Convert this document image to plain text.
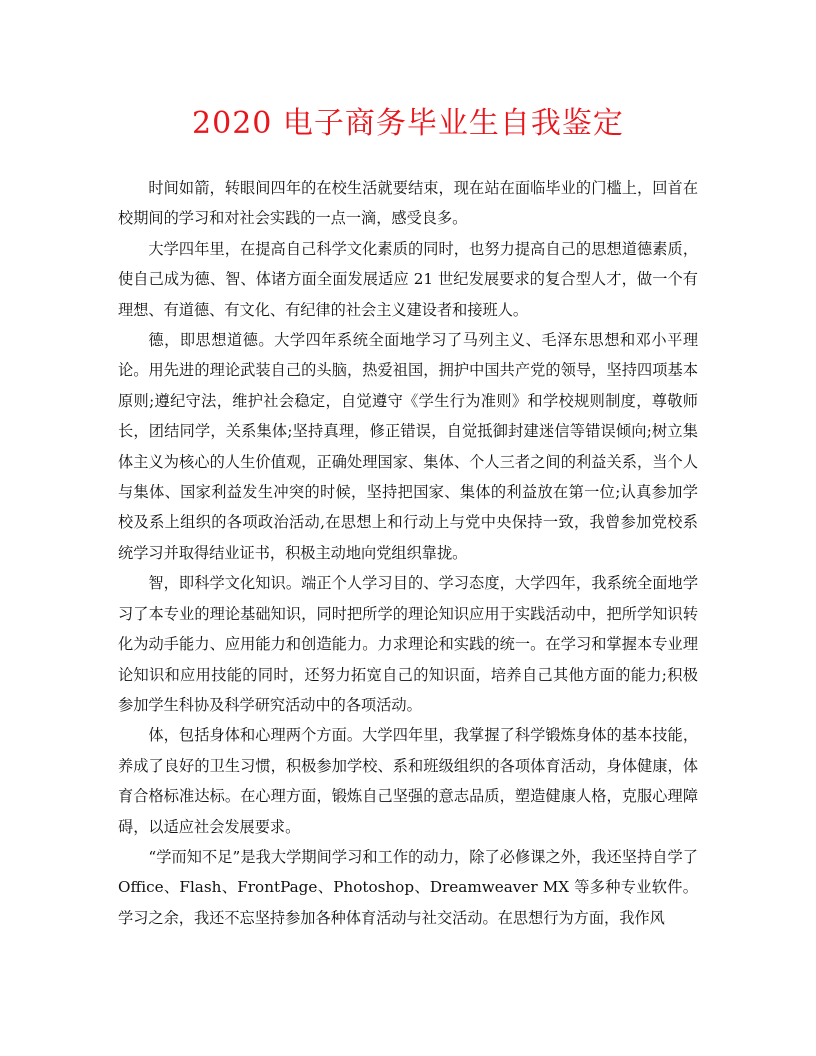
2020 电子商务毕业生自我鉴定

时间如箭，转眼间四年的在校生活就要结束，现在站在面临毕业的门槛上，回首在校期间的学习和对社会实践的一点一滴，感受良多。

大学四年里，在提高自己科学文化素质的同时，也努力提高自己的思想道德素质，使自己成为德、智、体诸方面全面发展适应 21 世纪发展要求的复合型人才，做一个有理想、有道德、有文化、有纪律的社会主义建设者和接班人。

德，即思想道德。大学四年系统全面地学习了马列主义、毛泽东思想和邓小平理论。用先进的理论武装自己的头脑，热爱祖国，拥护中国共产党的领导，坚持四项基本原则;遵纪守法，维护社会稳定，自觉遵守《学生行为准则》和学校规则制度，尊敬师长，团结同学，关系集体;坚持真理，修正错误，自觉抵御封建迷信等错误倾向;树立集体主义为核心的人生价值观，正确处理国家、集体、个人三者之间的利益关系，当个人与集体、国家利益发生冲突的时候，坚持把国家、集体的利益放在第一位;认真参加学校及系上组织的各项政治活动,在思想上和行动上与党中央保持一致，我曾参加党校系统学习并取得结业证书，积极主动地向党组织靠拢。

智，即科学文化知识。端正个人学习目的、学习态度，大学四年，我系统全面地学习了本专业的理论基础知识，同时把所学的理论知识应用于实践活动中，把所学知识转化为动手能力、应用能力和创造能力。力求理论和实践的统一。在学习和掌握本专业理论知识和应用技能的同时，还努力拓宽自己的知识面，培养自己其他方面的能力;积极参加学生科协及科学研究活动中的各项活动。

体，包括身体和心理两个方面。大学四年里，我掌握了科学锻炼身体的基本技能，养成了良好的卫生习惯，积极参加学校、系和班级组织的各项体育活动，身体健康，体育合格标准达标。在心理方面，锻炼自己坚强的意志品质，塑造健康人格，克服心理障碍，以适应社会发展要求。

“学而知不足”是我大学期间学习和工作的动力，除了必修课之外，我还坚持自学了 Office、Flash、FrontPage、Photoshop、Dreamweaver MX 等多种专业软件。学习之余，我还不忘坚持参加各种体育活动与社交活动。在思想行为方面，我作风
